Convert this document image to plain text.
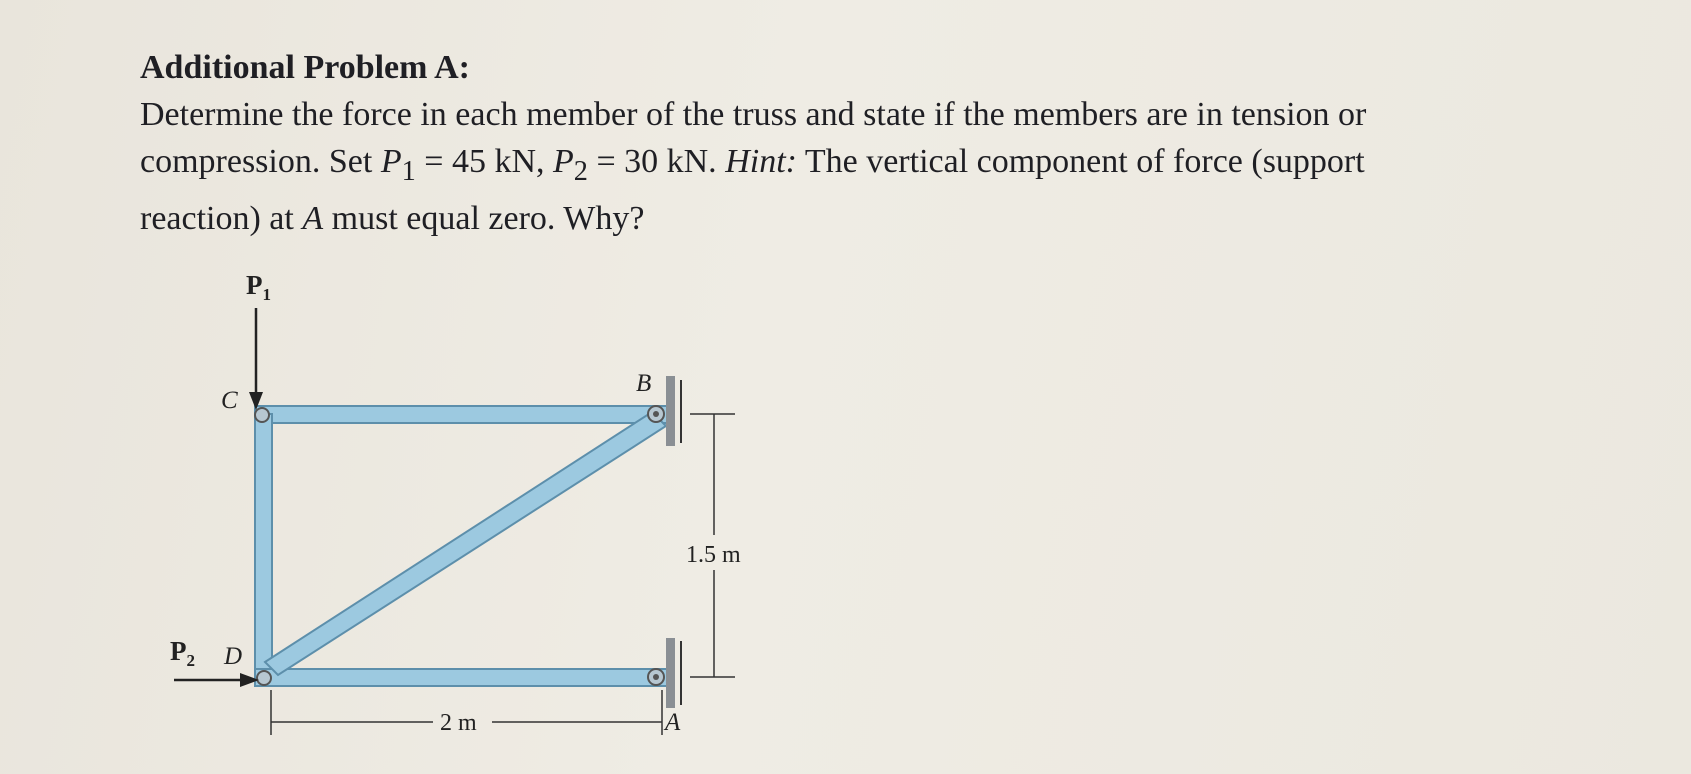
Additional Problem A:
Determine the force in each member of the truss and state if the members are in tension or
compression. Set $P_1 = 45$ kN, $P_2 = 30$ kN. Hint: The vertical component of force (support
reaction) at A must equal zero. Why?
$P_1$
$P_2$
C
B
D
A
1.5 m
2 m
